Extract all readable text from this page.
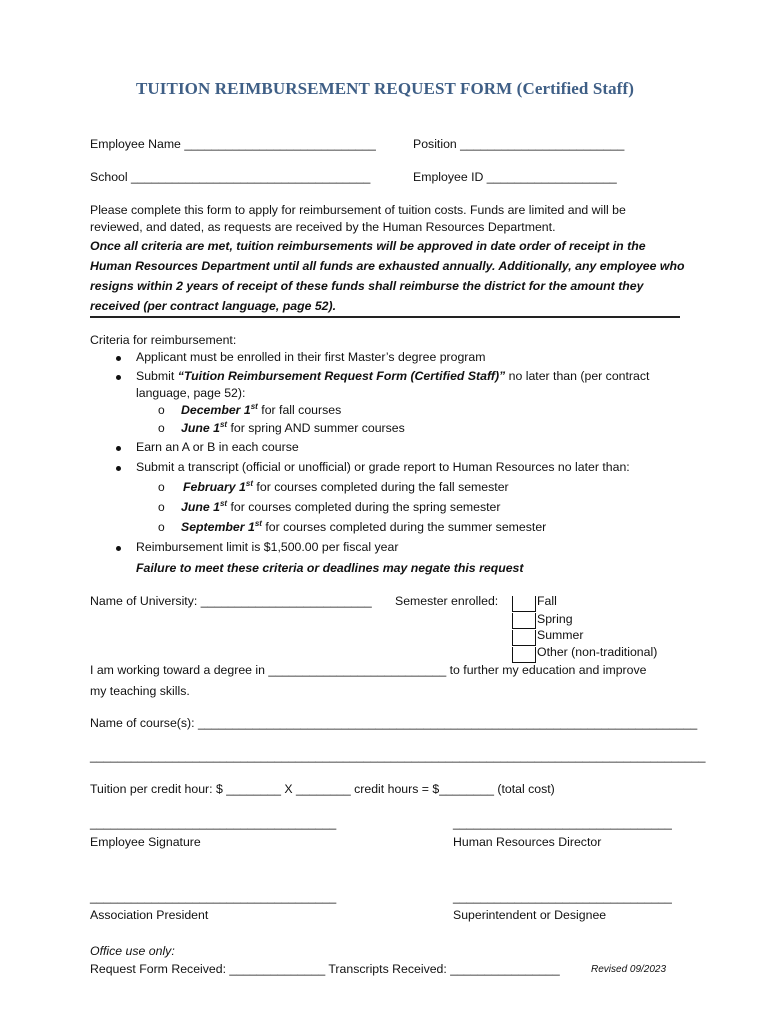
TUITION REIMBURSEMENT REQUEST FORM (Certified Staff)
Employee Name ____________________________	Position ________________________
School ___________________________________	Employee ID ___________________
Please complete this form to apply for reimbursement of tuition costs. Funds are limited and will be
reviewed, and dated, as requests are received by the Human Resources Department.
Once all criteria are met, tuition reimbursements will be approved in date order of receipt in the
Human Resources Department until all funds are exhausted annually. Additionally, any employee who
resigns within 2 years of receipt of these funds shall reimburse the district for the amount they
received (per contract language, page 52).
Criteria for reimbursement:
Applicant must be enrolled in their first Master’s degree program
Submit “Tuition Reimbursement Request Form (Certified Staff)” no later than (per contract
language, page 52):
o December 1st for fall courses
o June 1st for spring AND summer courses
Earn an A or B in each course
Submit a transcript (official or unofficial) or grade report to Human Resources no later than:
o February 1st for courses completed during the fall semester
o June 1st for courses completed during the spring semester
o September 1st for courses completed during the summer semester
Reimbursement limit is $1,500.00 per fiscal year
Failure to meet these criteria or deadlines may negate this request
Name of University: _________________________ Semester enrolled:	Fall
Spring
Summer
Other (non-traditional)
I am working toward a degree in __________________________ to further my education and improve
my teaching skills.
Name of course(s): _________________________________________________________________________
__________________________________________________________________________________________
Tuition per credit hour: $ ________ X ________ credit hours = $________ (total cost)
____________________________________	________________________________
Employee Signature	Human Resources Director
____________________________________	________________________________
Association President	Superintendent or Designee
Office use only:
Request Form Received: ______________ Transcripts Received: ________________	Revised 09/2023
